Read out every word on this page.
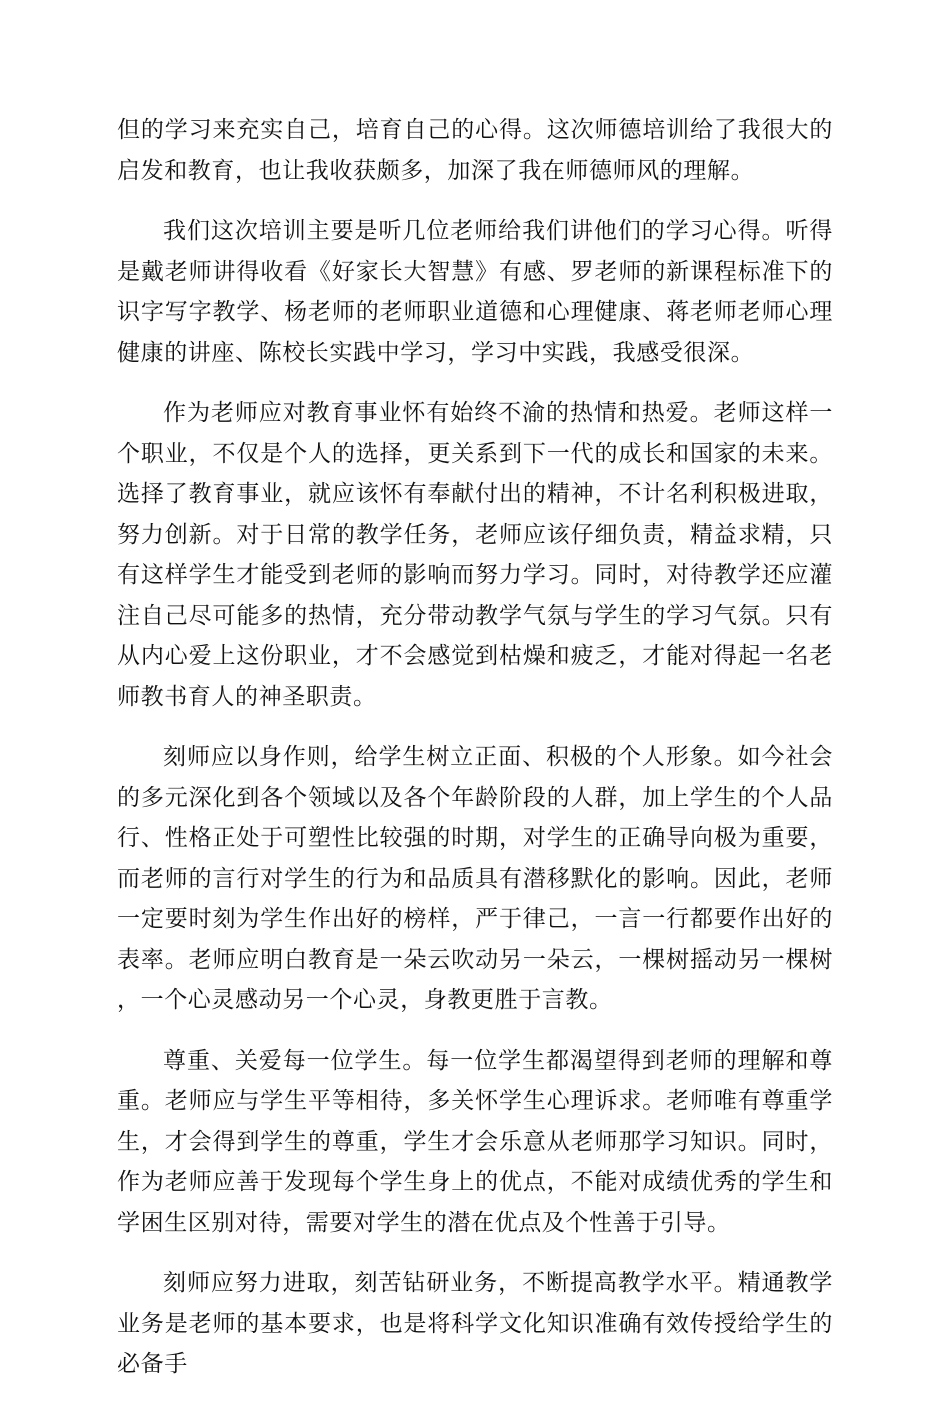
但的学习来充实自己，培育自己的心得。这次师德培训给了我很大的启发和教育，也让我收获颇多，加深了我在师德师风的理解。

我们这次培训主要是听几位老师给我们讲他们的学习心得。听得是戴老师讲得收看《好家长大智慧》有感、罗老师的新课程标准下的识字写字教学、杨老师的老师职业道德和心理健康、蒋老师老师心理健康的讲座、陈校长实践中学习，学习中实践，我感受很深。

作为老师应对教育事业怀有始终不渝的热情和热爱。老师这样一个职业，不仅是个人的选择，更关系到下一代的成长和国家的未来。选择了教育事业，就应该怀有奉献付出的精神，不计名利积极进取，努力创新。对于日常的教学任务，老师应该仔细负责，精益求精，只有这样学生才能受到老师的影响而努力学习。同时，对待教学还应灌注自己尽可能多的热情，充分带动教学气氛与学生的学习气氛。只有从内心爱上这份职业，才不会感觉到枯燥和疲乏，才能对得起一名老师教书育人的神圣职责。

刻师应以身作则，给学生树立正面、积极的个人形象。如今社会的多元深化到各个领域以及各个年龄阶段的人群，加上学生的个人品行、性格正处于可塑性比较强的时期，对学生的正确导向极为重要，而老师的言行对学生的行为和品质具有潜移默化的影响。因此，老师一定要时刻为学生作出好的榜样，严于律己，一言一行都要作出好的表率。老师应明白教育是一朵云吹动另一朵云，一棵树摇动另一棵树，一个心灵感动另一个心灵，身教更胜于言教。

尊重、关爱每一位学生。每一位学生都渴望得到老师的理解和尊重。老师应与学生平等相待，多关怀学生心理诉求。老师唯有尊重学生，才会得到学生的尊重，学生才会乐意从老师那学习知识。同时，作为老师应善于发现每个学生身上的优点，不能对成绩优秀的学生和学困生区别对待，需要对学生的潜在优点及个性善于引导。

刻师应努力进取，刻苦钻研业务，不断提高教学水平。精通教学业务是老师的基本要求，也是将科学文化知识准确有效传授给学生的必备手
